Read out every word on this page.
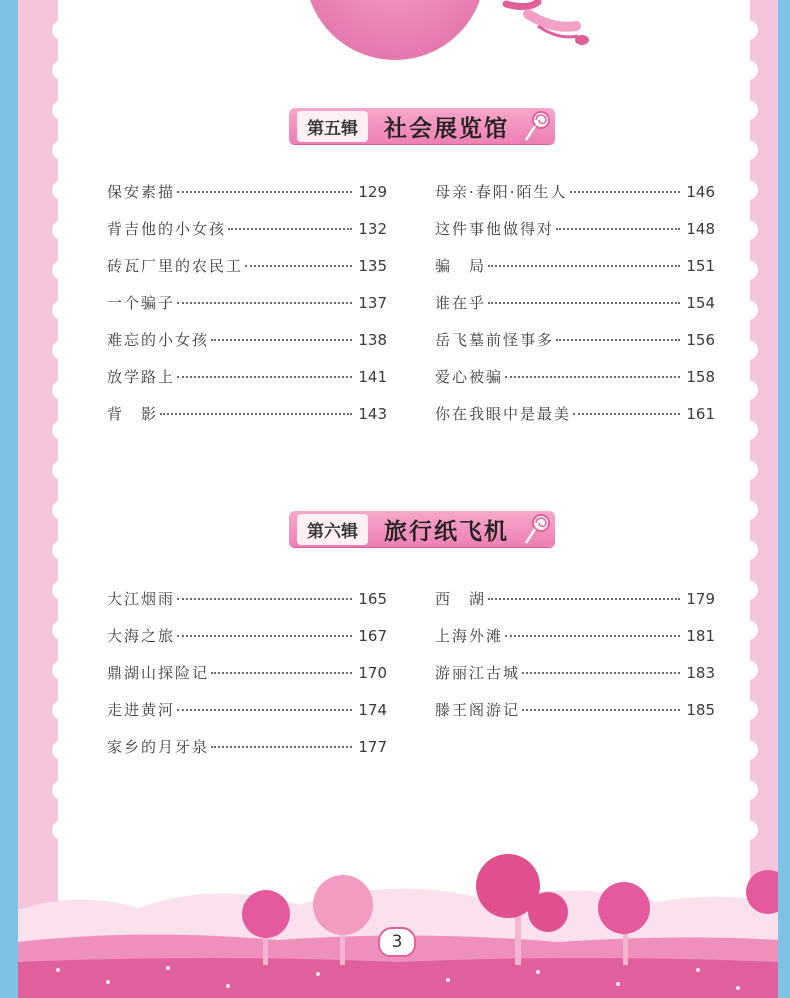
第五辑	社会展览馆
保安素描	129
背吉他的小女孩	132
砖瓦厂里的农民工	135
一个骗子	137
难忘的小女孩	138
放学路上	141
背　影	143
母亲·春阳·陌生人	146
这件事他做得对	148
骗　局	151
谁在乎	154
岳飞墓前怪事多	156
爱心被骗	158
你在我眼中是最美	161
第六辑	旅行纸飞机
大江烟雨	165
大海之旅	167
鼎湖山探险记	170
走进黄河	174
家乡的月牙泉	177
西　湖	179
上海外滩	181
游丽江古城	183
滕王阁游记	185
3
